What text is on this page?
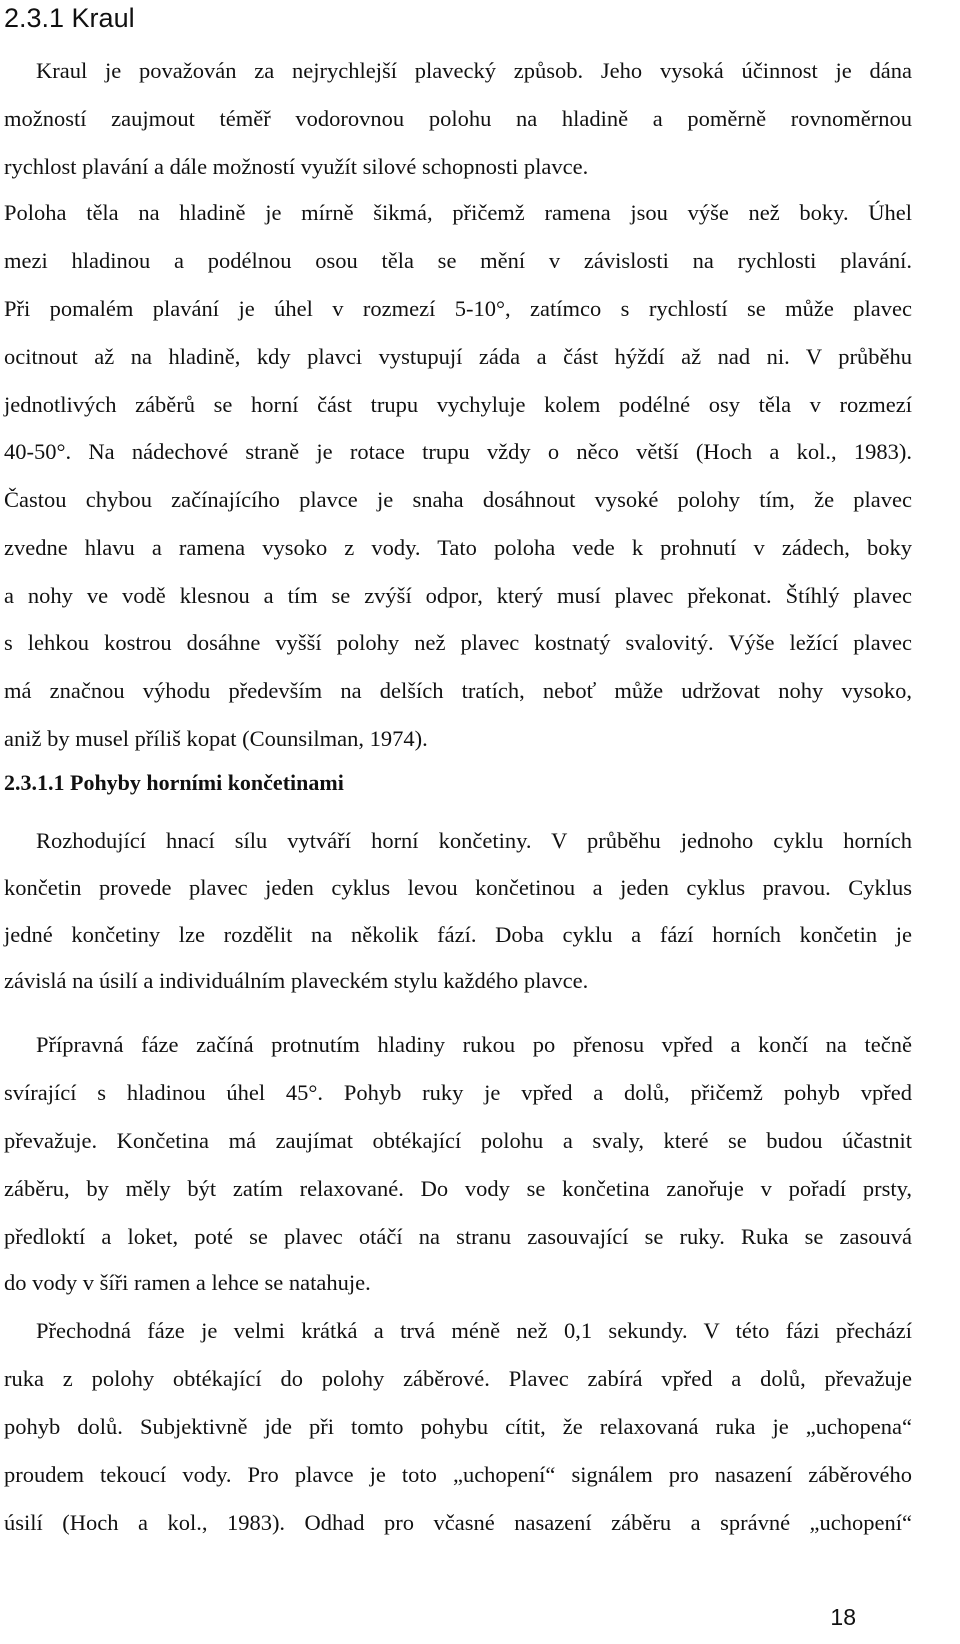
2.3.1 Kraul
Kraul je považován za nejrychlejší plavecký způsob. Jeho vysoká účinnost je dána
možností zaujmout téměř vodorovnou polohu na hladině a poměrně rovnoměrnou
rychlost plavání a dále možností využít silové schopnosti plavce.
Poloha těla na hladině je mírně šikmá, přičemž ramena jsou výše než boky. Úhel
mezi hladinou a podélnou osou těla se mění v závislosti na rychlosti plavání.
Při pomalém plavání je úhel v rozmezí 5-10°, zatímco s rychlostí se může plavec
ocitnout až na hladině, kdy plavci vystupují záda a část hýždí až nad ni. V průběhu
jednotlivých záběrů se horní část trupu vychyluje kolem podélné osy těla v rozmezí
40-50°. Na nádechové straně je rotace trupu vždy o něco větší (Hoch a kol., 1983).
Častou chybou začínajícího plavce je snaha dosáhnout vysoké polohy tím, že plavec
zvedne hlavu a ramena vysoko z vody. Tato poloha vede k prohnutí v zádech, boky
a nohy ve vodě klesnou a tím se zvýší odpor, který musí plavec překonat. Štíhlý plavec
s lehkou kostrou dosáhne vyšší polohy než plavec kostnatý svalovitý. Výše ležící plavec
má značnou výhodu především na delších tratích, neboť může udržovat nohy vysoko,
aniž by musel příliš kopat (Counsilman, 1974).
2.3.1.1 Pohyby horními končetinami
Rozhodující hnací sílu vytváří horní končetiny. V průběhu jednoho cyklu horních
končetin provede plavec jeden cyklus levou končetinou a jeden cyklus pravou. Cyklus
jedné končetiny lze rozdělit na několik fází. Doba cyklu a fází horních končetin je
závislá na úsilí a individuálním plaveckém stylu každého plavce.
Přípravná fáze začíná protnutím hladiny rukou po přenosu vpřed a končí na tečně
svírající s hladinou úhel 45°. Pohyb ruky je vpřed a dolů, přičemž pohyb vpřed
převažuje. Končetina má zaujímat obtékající polohu a svaly, které se budou účastnit
záběru, by měly být zatím relaxované. Do vody se končetina zanořuje v pořadí prsty,
předloktí a loket, poté se plavec otáčí na stranu zasouvající se ruky. Ruka se zasouvá
do vody v šíři ramen a lehce se natahuje.
Přechodná fáze je velmi krátká a trvá méně než 0,1 sekundy. V této fázi přechází
ruka z polohy obtékající do polohy záběrové. Plavec zabírá vpřed a dolů, převažuje
pohyb dolů. Subjektivně jde při tomto pohybu cítit, že relaxovaná ruka je „uchopena“
proudem tekoucí vody. Pro plavce je toto „uchopení“ signálem pro nasazení záběrového
úsilí (Hoch a kol., 1983). Odhad pro včasné nasazení záběru a správné „uchopení“
18
